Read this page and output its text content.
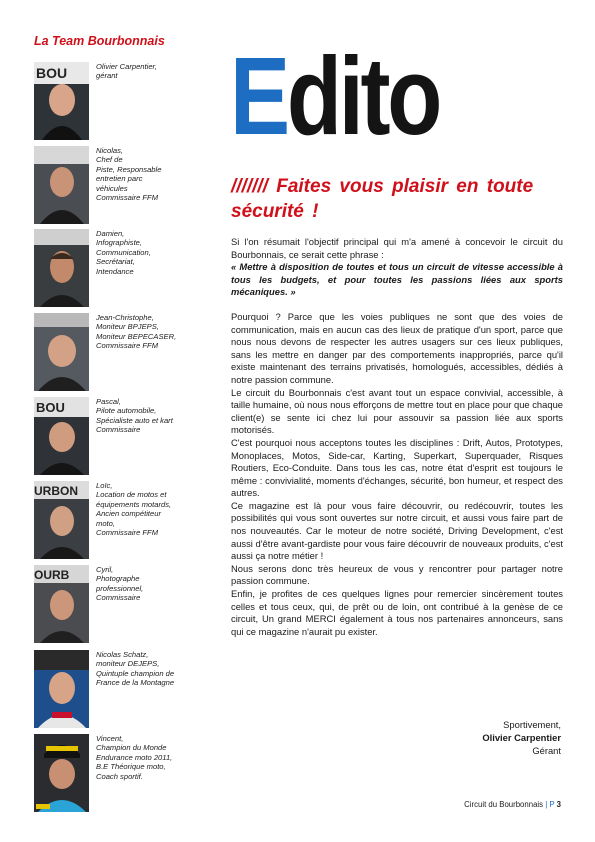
La Team Bourbonnais
BOU	Olivier Carpentier,
gérant
Nicolas,
Chef de
Piste, Responsable
entretien parc
véhicules
Commissaire FFM
Damien,
Infographiste,
Communication,
Secrétariat,
Intendance
Jean-Christophe,
Moniteur BPJEPS,
Moniteur BEPECASER,
Commissaire FFM
BOU	Pascal,
Pilote automobile,
Spécialiste auto et kart
Commissaire
URBON Loïc,
Location de motos et
équipements motards,
Ancien compétiteur
moto,
Commissaire FFM
OURB	Cyril,
Photographe
professionnel,
Commissaire
Nicolas Schatz,
moniteur DEJEPS,
Quintuple champion de
France de la Montagne
Vincent,
Champion du Monde
Endurance moto 2011,
B.E Théorique moto,
Coach sportif.
Edito
/////// Faites vous plaisir en toute sécurité !

Si l'on résumait l'objectif principal qui m'a amené à concevoir le circuit du Bourbonnais, ce serait cette phrase :

« Mettre à disposition de toutes et tous un circuit de vitesse accessible à tous les budgets, et pour toutes les passions liées aux sports mécaniques. »

Pourquoi ? Parce que les voies publiques ne sont que des voies de communication, mais en aucun cas des lieux de pratique d'un sport, parce que nous nous devons de respecter les autres usagers sur ces lieux publiques, sans les mettre en danger par des comportements inappropriés, parce qu'il existe maintenant des terrains privatisés, homologués, accessibles, dédiés à notre passion commune.

Le circuit du Bourbonnais c'est avant tout un espace convivial, accessible, à taille humaine, où nous nous efforçons de mettre tout en place pour que chaque client(e) se sente ici chez lui pour assouvir sa passion liée aux sports motorisés.

C'est pourquoi nous acceptons toutes les disciplines : Drift, Autos, Prototypes, Monoplaces, Motos, Side-car, Karting, Superkart, Superquader, Risques Routiers, Eco-Conduite. Dans tous les cas, notre état d'esprit est toujours le même : convivialité, moments d'échanges, sécurité, bon humeur, et respect des autres.

Ce magazine est là pour vous faire découvrir, ou redécouvrir, toutes les possibilités qui vous sont ouvertes sur notre circuit, et aussi vous faire part de nos nouveautés. Car le moteur de notre société, Driving Development, c'est aussi d'être avant-gardiste pour vous faire découvrir de nouveaux produits, c'est aussi ça notre métier !

Nous serons donc très heureux de vous y rencontrer pour partager notre passion commune.

Enfin, je profites de ces quelques lignes pour remercier sincèrement toutes celles et tous ceux, qui, de prêt ou de loin, ont contribué à la genèse de ce circuit, Un grand MERCI également à tous nos partenaires annonceurs, sans qui ce magazine n'aurait pu exister.

Sportivement,
Olivier Carpentier
Gérant
Circuit du Bourbonnais | P 3
